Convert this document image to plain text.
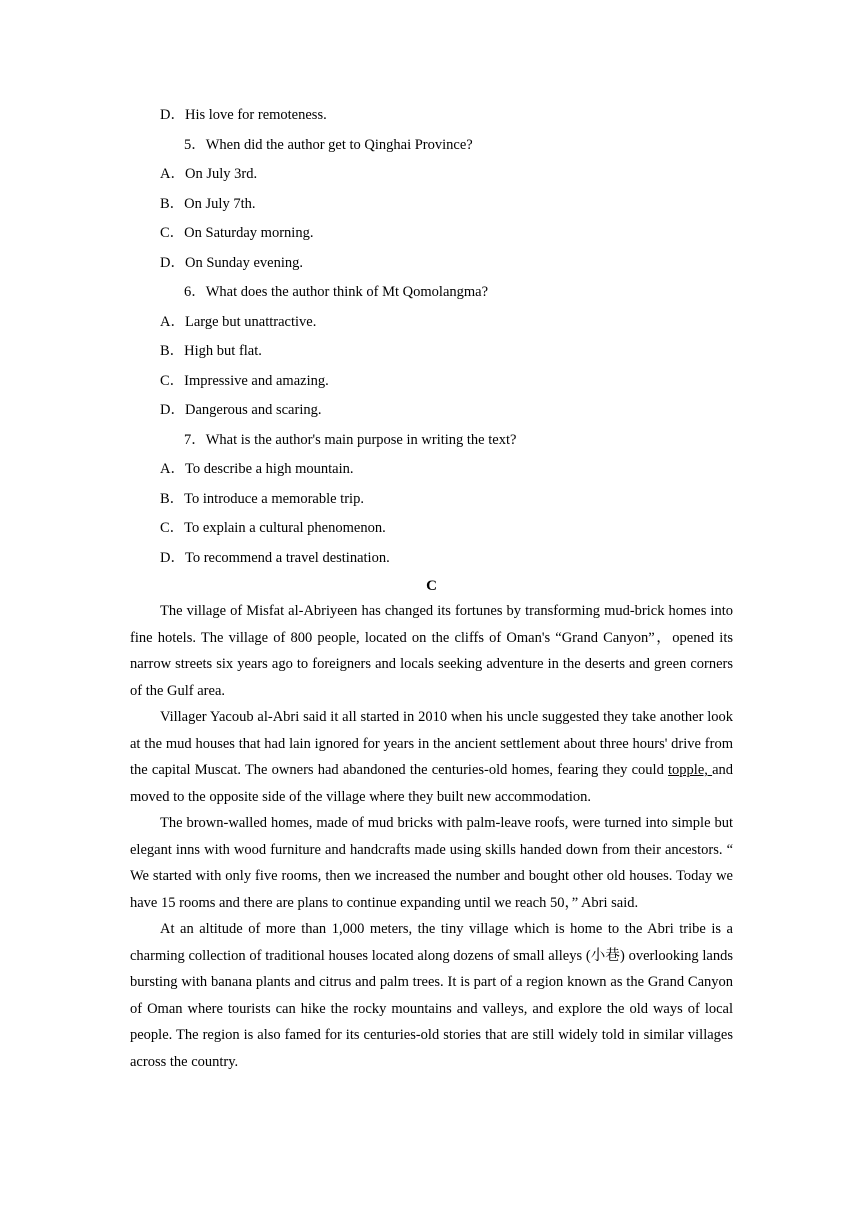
D．His love for remoteness.
5．When did the author get to Qinghai Province?
A．On July 3rd.
B．On July 7th.
C．On Saturday morning.
D．On Sunday evening.
6．What does the author think of Mt Qomolangma?
A．Large but unattractive.
B．High but flat.
C．Impressive and amazing.
D．Dangerous and scaring.
7．What is the author's main purpose in writing the text?
A．To describe a high mountain.
B．To introduce a memorable trip.
C．To explain a cultural phenomenon.
D．To recommend a travel destination.
C

The village of Misfat al-Abriyeen has changed its fortunes by transforming mud-brick homes into fine hotels. The village of 800 people, located on the cliffs of Oman's “Grand Canyon”，opened its narrow streets six years ago to foreigners and locals seeking adventure in the deserts and green corners of the Gulf area.

Villager Yacoub al-Abri said it all started in 2010 when his uncle suggested they take another look at the mud houses that had lain ignored for years in the ancient settlement about three hours' drive from the capital Muscat. The owners had abandoned the centuries-old homes, fearing they could topple, and moved to the opposite side of the village where they built new accommodation.

The brown-walled homes, made of mud bricks with palm-leave roofs, were turned into simple but elegant inns with wood furniture and handcrafts made using skills handed down from their ancestors. “ We started with only five rooms, then we increased the number and bought other old houses. Today we have 15 rooms and there are plans to continue expanding until we reach 50，” Abri said.

At an altitude of more than 1,000 meters, the tiny village which is home to the Abri tribe is a charming collection of traditional houses located along dozens of small alleys (小巷) overlooking lands bursting with banana plants and citrus and palm trees. It is part of a region known as the Grand Canyon of Oman where tourists can hike the rocky mountains and valleys, and explore the old ways of local people. The region is also famed for its centuries-old stories that are still widely told in similar villages across the country.
